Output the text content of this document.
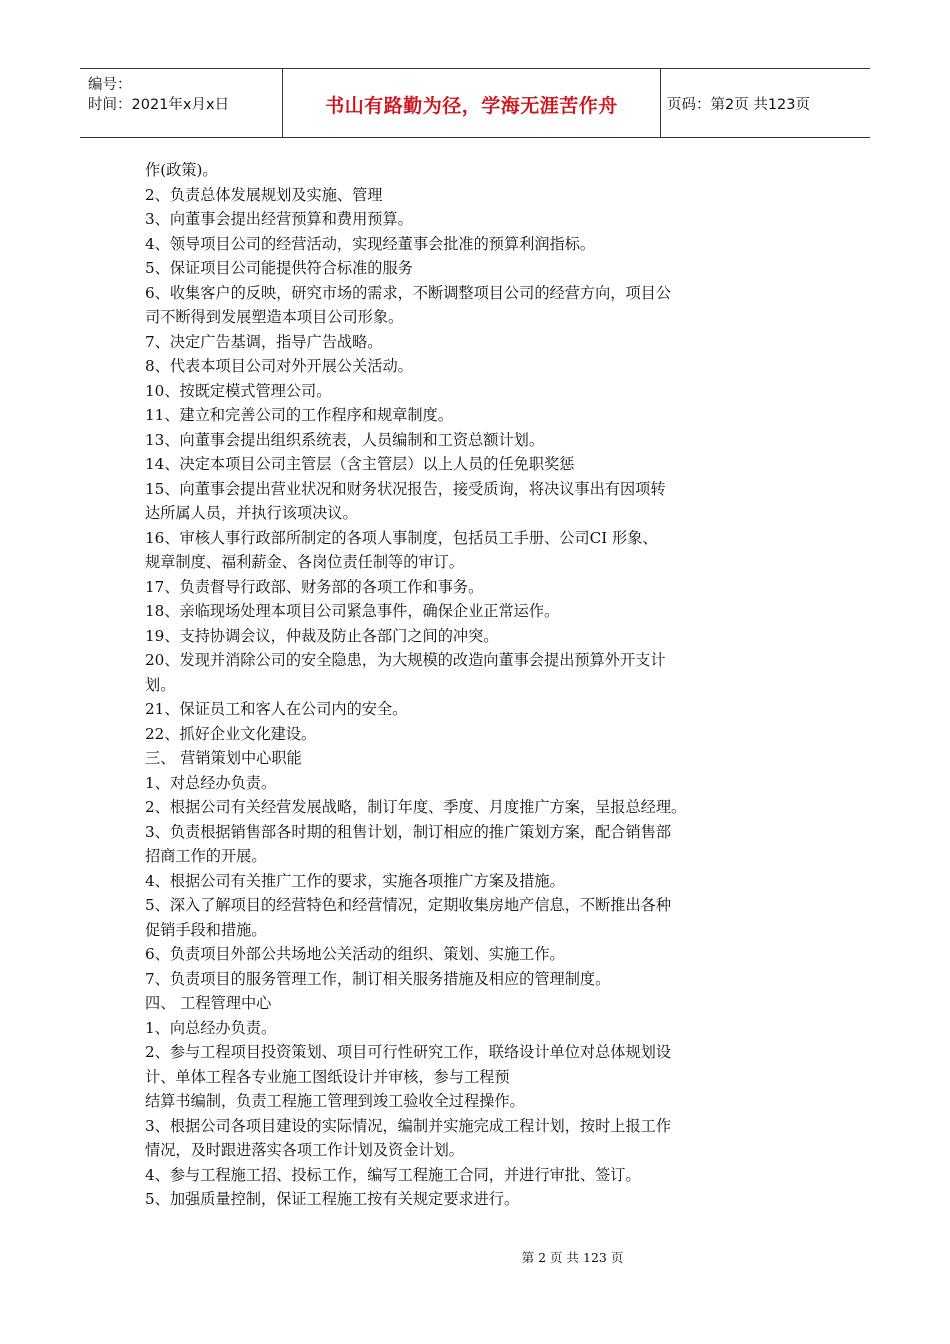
编号：
时间：2021年x月x日	书山有路勤为径，学海无涯苦作舟	页码：第2页 共123页
作(政策)。
2、负责总体发展规划及实施、管理
3、向董事会提出经营预算和费用预算。
4、领导项目公司的经营活动，实现经董事会批准的预算利润指标。
5、保证项目公司能提供符合标准的服务
6、收集客户的反映，研究市场的需求，不断调整项目公司的经营方向，项目公
司不断得到发展塑造本项目公司形象。
7、决定广告基调，指导广告战略。
8、代表本项目公司对外开展公关活动。
10、按既定模式管理公司。
11、建立和完善公司的工作程序和规章制度。
13、向董事会提出组织系统表，人员编制和工资总额计划。
14、决定本项目公司主管层（含主管层）以上人员的任免职奖惩
15、向董事会提出营业状况和财务状况报告，接受质询，将决议事出有因项转
达所属人员，并执行该项决议。
16、审核人事行政部所制定的各项人事制度，包括员工手册、公司CI 形象、
规章制度、福利薪金、各岗位责任制等的审订。
17、负责督导行政部、财务部的各项工作和事务。
18、亲临现场处理本项目公司紧急事件，确保企业正常运作。
19、支持协调会议，仲裁及防止各部门之间的冲突。
20、发现并消除公司的安全隐患，为大规模的改造向董事会提出预算外开支计
划。
21、保证员工和客人在公司内的安全。
22、抓好企业文化建设。
三、 营销策划中心职能
1、对总经办负责。
2、根据公司有关经营发展战略，制订年度、季度、月度推广方案，呈报总经理。
3、负责根据销售部各时期的租售计划，制订相应的推广策划方案，配合销售部
招商工作的开展。
4、根据公司有关推广工作的要求，实施各项推广方案及措施。
5、深入了解项目的经营特色和经营情况，定期收集房地产信息，不断推出各种
促销手段和措施。
6、负责项目外部公共场地公关活动的组织、策划、实施工作。
7、负责项目的服务管理工作，制订相关服务措施及相应的管理制度。
四、 工程管理中心
1、向总经办负责。
2、参与工程项目投资策划、项目可行性研究工作，联络设计单位对总体规划设
计、单体工程各专业施工图纸设计并审核，参与工程预
结算书编制，负责工程施工管理到竣工验收全过程操作。
3、根据公司各项目建设的实际情况，编制并实施完成工程计划，按时上报工作
情况，及时跟进落实各项工作计划及资金计划。
4、参与工程施工招、投标工作，编写工程施工合同，并进行审批、签订。
5、加强质量控制，保证工程施工按有关规定要求进行。
第 2 页 共 123 页
